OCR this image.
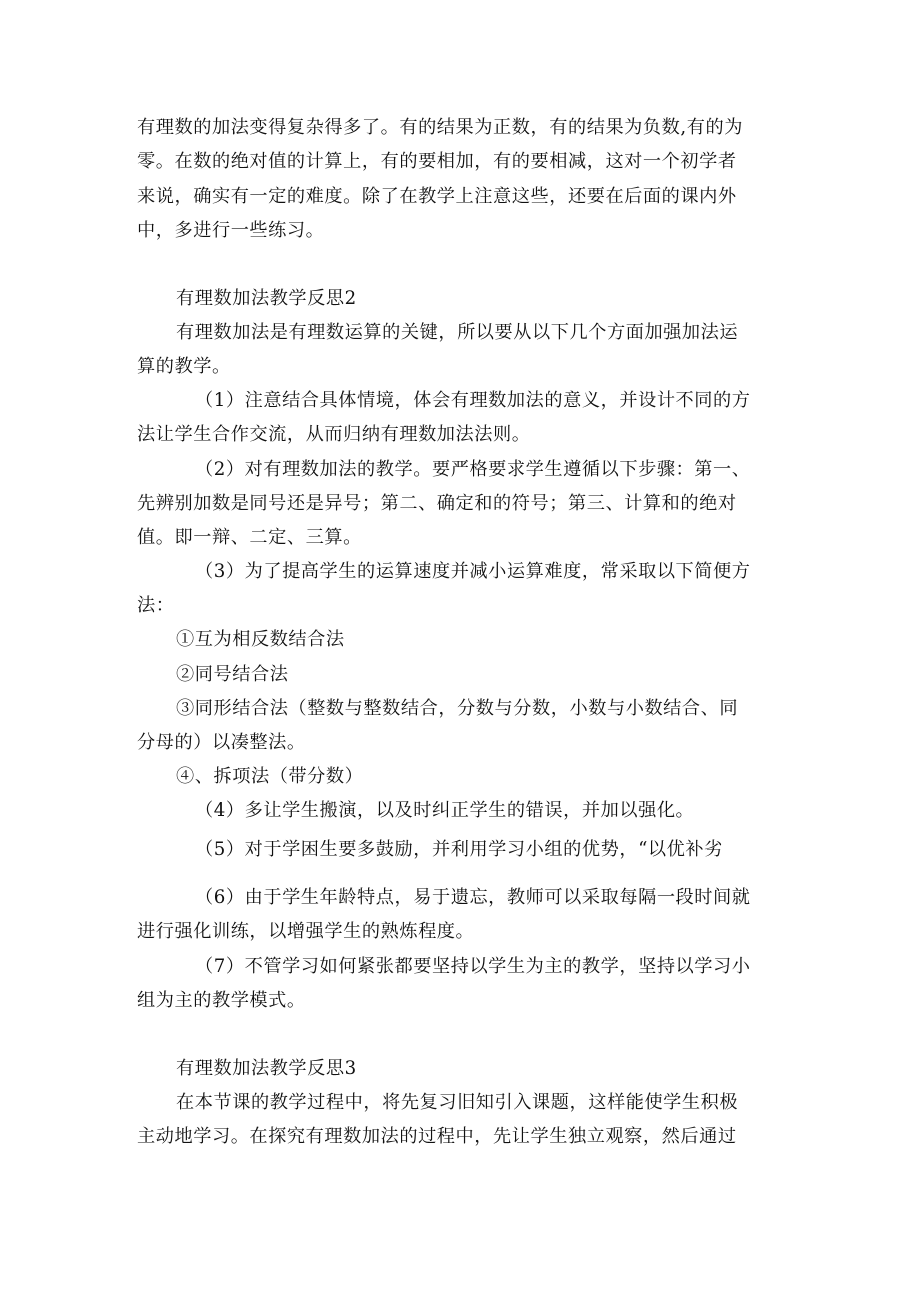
有理数的加法变得复杂得多了。有的结果为正数，有的结果为负数,有的为
零。在数的绝对值的计算上，有的要相加，有的要相减，这对一个初学者
来说，确实有一定的难度。除了在教学上注意这些，还要在后面的课内外
中，多进行一些练习。
有理数加法教学反思2
有理数加法是有理数运算的关键，所以要从以下几个方面加强加法运
算的教学。
（1）注意结合具体情境，体会有理数加法的意义，并设计不同的方
法让学生合作交流，从而归纳有理数加法法则。
（2）对有理数加法的教学。要严格要求学生遵循以下步骤：第一、
先辨别加数是同号还是异号；第二、确定和的符号；第三、计算和的绝对
值。即一辩、二定、三算。
（3）为了提高学生的运算速度并减小运算难度，常采取以下简便方
法：
①互为相反数结合法
②同号结合法
③同形结合法（整数与整数结合，分数与分数，小数与小数结合、同
分母的）以凑整法。
④、拆项法（带分数）
（4）多让学生搬演，以及时纠正学生的错误，并加以强化。
（5）对于学困生要多鼓励，并利用学习小组的优势，“以优补劣
（6）由于学生年龄特点，易于遗忘，教师可以采取每隔一段时间就
进行强化训练，以增强学生的熟炼程度。
（7）不管学习如何紧张都要坚持以学生为主的教学，坚持以学习小
组为主的教学模式。
有理数加法教学反思3
在本节课的教学过程中，将先复习旧知引入课题，这样能使学生积极
主动地学习。在探究有理数加法的过程中，先让学生独立观察，然后通过
